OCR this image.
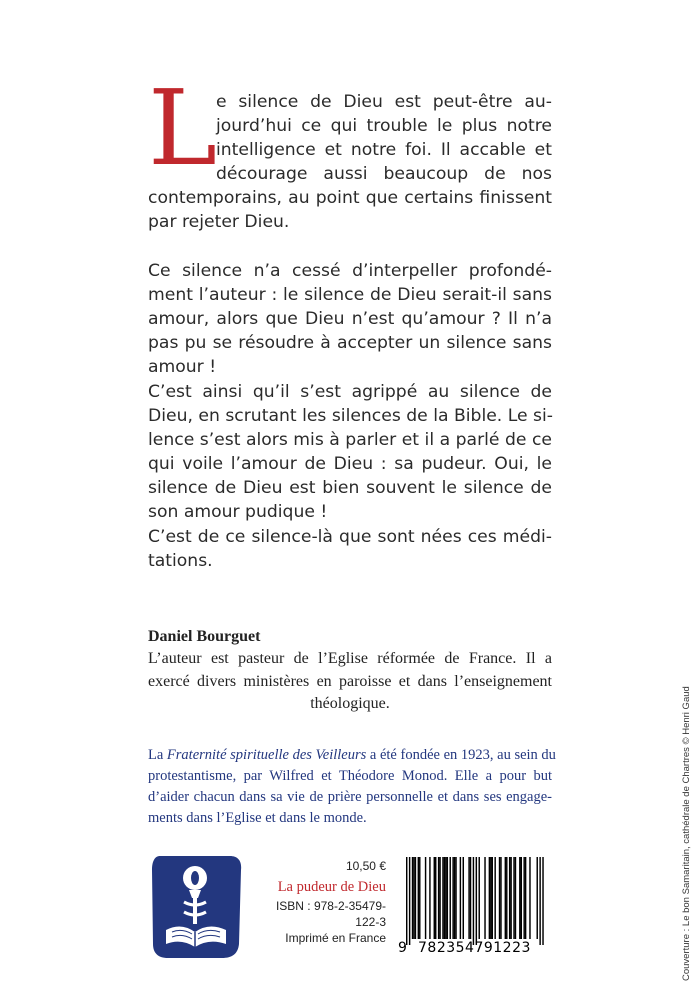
L

e silence de Dieu est peut-être au-

jourd’hui ce qui trouble le plus notre

intelligence et notre foi. Il accable et

décourage aussi beaucoup de nos

contemporains, au point que certains finissent

par rejeter Dieu.

Ce silence n’a cessé d’interpeller profondé-

ment l’auteur : le silence de Dieu serait-il sans

amour, alors que Dieu n’est qu’amour ? Il n’a

pas pu se résoudre à accepter un silence sans

amour !

C’est ainsi qu’il s’est agrippé au silence de

Dieu, en scrutant les silences de la Bible. Le si-

lence s’est alors mis à parler et il a parlé de ce

qui voile l’amour de Dieu : sa pudeur. Oui, le

silence de Dieu est bien souvent le silence de

son amour pudique !

C’est de ce silence-là que sont nées ces médi-

tations.

Daniel Bourguet

L’auteur est pasteur de l’Eglise réformée de France. Il a

exercé divers ministères en paroisse et dans l’enseignement

théologique.

La Fraternité spirituelle des Veilleurs a été fondée en 1923, au sein du

protestantisme, par Wilfred et Théodore Monod. Elle a pour but

d’aider chacun dans sa vie de prière personnelle et dans ses engage-

ments dans l’Eglise et dans le monde.

10,50 €
La pudeur de Dieu
ISBN : 978-2-35479-122-3
Imprimé en France
9 782354791223	Couverture : Le bon Samaritain, cathédrale de Chartres © Henri Gaud
